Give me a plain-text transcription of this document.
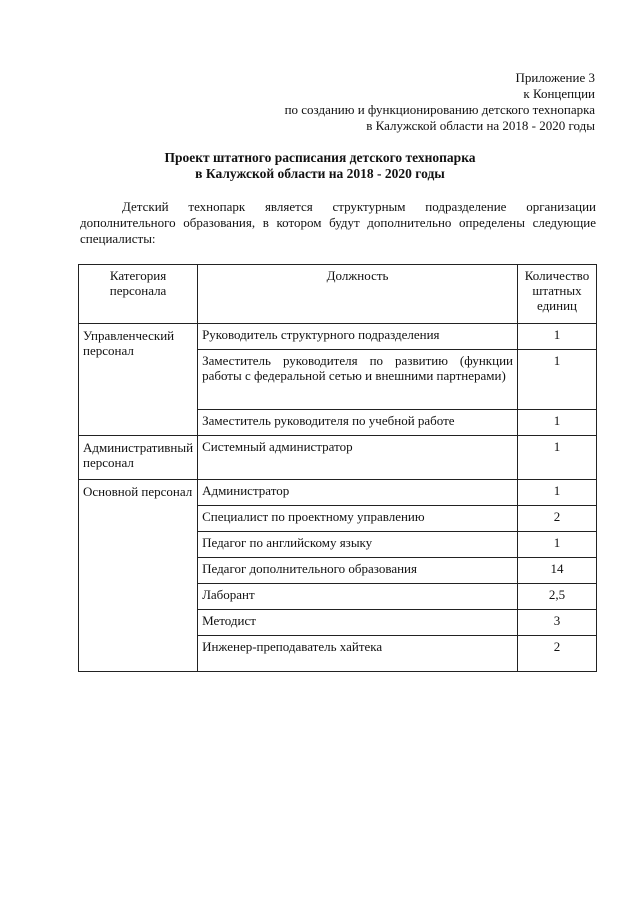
Приложение 3
к Концепции
по созданию и функционированию детского технопарка
в Калужской области на 2018 - 2020 годы
Проект штатного расписания детского технопарка
в Калужской области на 2018 - 2020 годы
Детский технопарк является структурным подразделение организации дополнительного образования, в котором будут дополнительно определены следующие специалисты:
Категория персонала	Должность	Количество штатных единиц
Управленческий персонал	Руководитель структурного подразделения	1
	Заместитель руководителя по развитию (функции работы с федеральной сетью и внешними партнерами)	1
	Заместитель руководителя по учебной работе	1
Административный персонал	Системный администратор	1
Основной персонал	Администратор	1
	Специалист по проектному управлению	2
	Педагог по английскому языку	1
	Педагог дополнительного образования	14
	Лаборант	2,5
	Методист	3
	Инженер-преподаватель хайтека	2
